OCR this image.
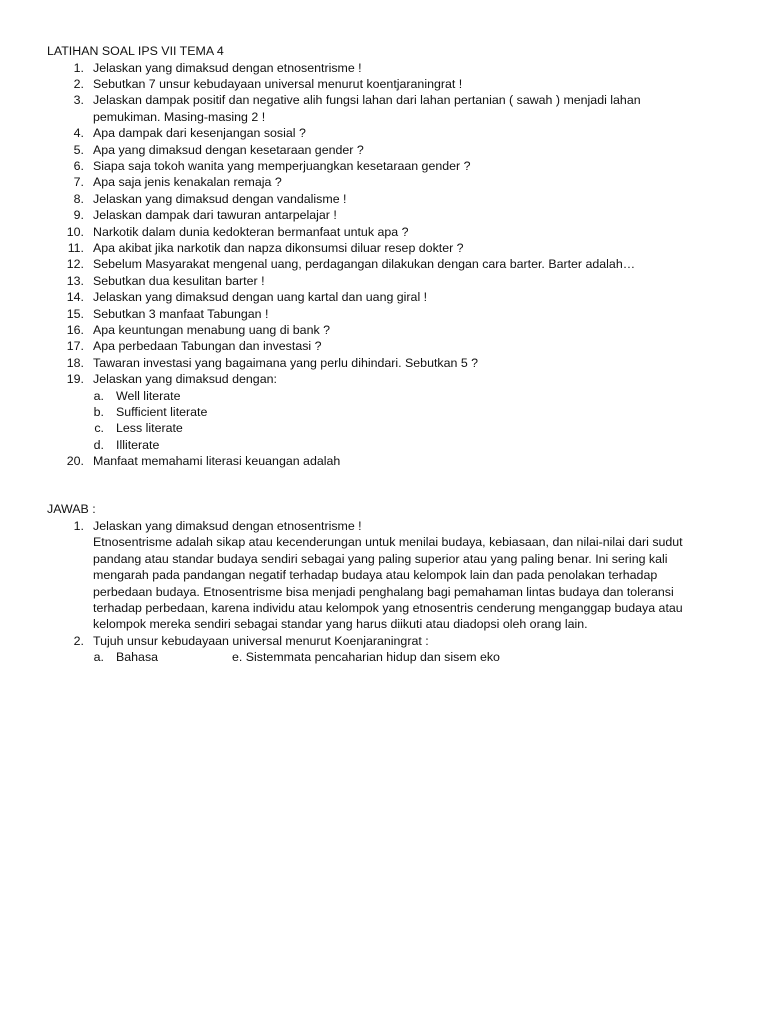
LATIHAN SOAL IPS VII TEMA 4
1. Jelaskan yang dimaksud dengan etnosentrisme !
2. Sebutkan 7 unsur kebudayaan universal menurut koentjaraningrat !
3. Jelaskan dampak positif dan negative alih fungsi lahan dari lahan pertanian ( sawah ) menjadi lahan pemukiman. Masing-masing 2 !
4. Apa dampak dari kesenjangan sosial ?
5. Apa yang dimaksud dengan kesetaraan gender ?
6. Siapa saja tokoh wanita yang memperjuangkan kesetaraan gender ?
7. Apa saja jenis kenakalan remaja ?
8. Jelaskan yang dimaksud dengan vandalisme !
9. Jelaskan dampak dari tawuran antarpelajar !
10. Narkotik dalam dunia kedokteran bermanfaat untuk apa ?
11. Apa akibat jika narkotik dan napza dikonsumsi diluar resep dokter ?
12. Sebelum Masyarakat mengenal uang, perdagangan dilakukan dengan cara barter. Barter adalah…
13. Sebutkan dua kesulitan barter !
14. Jelaskan yang dimaksud dengan uang kartal dan uang giral !
15. Sebutkan 3 manfaat Tabungan !
16. Apa keuntungan menabung uang di bank ?
17. Apa perbedaan Tabungan dan investasi ?
18. Tawaran investasi yang bagaimana yang perlu dihindari. Sebutkan 5 ?
19. Jelaskan yang dimaksud dengan:
a. Well literate
b. Sufficient literate
c. Less literate
d. Illiterate
20. Manfaat memahami literasi keuangan adalah
JAWAB :
1. Jelaskan yang dimaksud dengan etnosentrisme !
Etnosentrisme adalah sikap atau kecenderungan untuk menilai budaya, kebiasaan, dan nilai-nilai dari sudut pandang atau standar budaya sendiri sebagai yang paling superior atau yang paling benar. Ini sering kali mengarah pada pandangan negatif terhadap budaya atau kelompok lain dan pada penolakan terhadap perbedaan budaya. Etnosentrisme bisa menjadi penghalang bagi pemahaman lintas budaya dan toleransi terhadap perbedaan, karena individu atau kelompok yang etnosentris cenderung menganggap budaya atau kelompok mereka sendiri sebagai standar yang harus diikuti atau diadopsi oleh orang lain.
2. Tujuh unsur kebudayaan universal menurut Koenjaraningrat :
a. Bahasa	e. Sistemmata pencaharian hidup dan sisem eko
